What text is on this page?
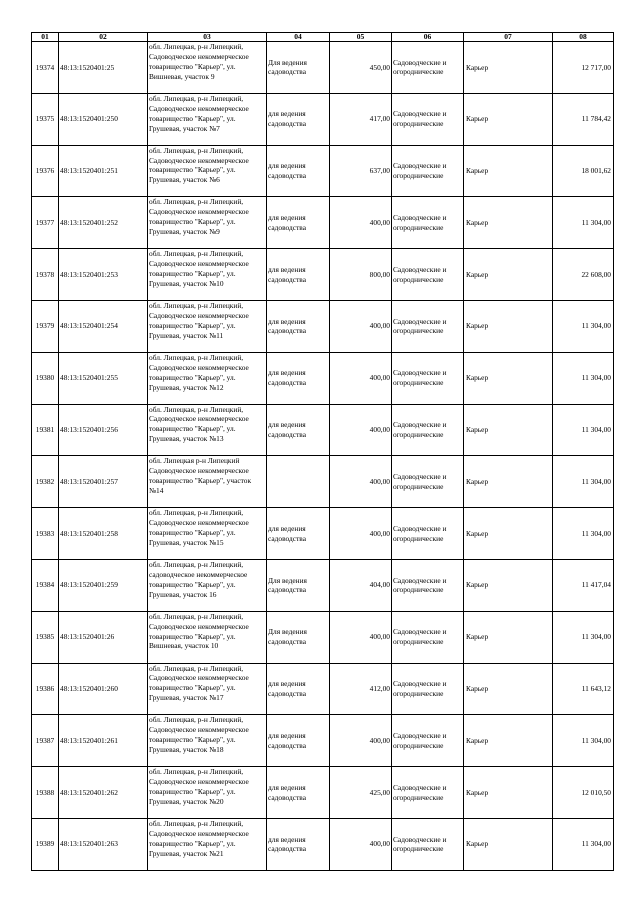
01	02	03	04	05	06	07	08
19374	48:13:1520401:25	обл. Липецкая, р-н Липецкий, Садоводческое некоммерческое товарищество "Карьер", ул. Вишневая, участок 9	Для ведения садоводства	450,00	Садоводческие и огороднические	Карьер	12 717,00
19375	48:13:1520401:250	обл. Липецкая, р-н Липецкий, Садоводческое некоммерческое товарищество "Карьер", ул. Грушевая, участок №7	для ведения садоводства	417,00	Садоводческие и огороднические	Карьер	11 784,42
19376	48:13:1520401:251	обл. Липецкая, р-н Липецкий, Садоводческое некоммерческое товарищество "Карьер", ул. Грушевая, участок №6	для ведения садоводства	637,00	Садоводческие и огороднические	Карьер	18 001,62
19377	48:13:1520401:252	обл. Липецкая, р-н Липецкий, Садоводческое некоммерческое товарищество "Карьер", ул. Грушевая, участок №9	для ведения садоводства	400,00	Садоводческие и огороднические	Карьер	11 304,00
19378	48:13:1520401:253	обл. Липецкая, р-н Липецкий, Садоводческое некоммерческое товарищество "Карьер", ул. Грушевая, участок №10	для ведения садоводства	800,00	Садоводческие и огороднические	Карьер	22 608,00
19379	48:13:1520401:254	обл. Липецкая, р-н Липецкий, Садоводческое некоммерческое товарищество "Карьер", ул. Грушевая, участок №11	для ведения садоводства	400,00	Садоводческие и огороднические	Карьер	11 304,00
19380	48:13:1520401:255	обл. Липецкая, р-н Липецкий, Садоводческое некоммерческое товарищество "Карьер", ул. Грушевая, участок №12	для ведения садоводства	400,00	Садоводческие и огороднические	Карьер	11 304,00
19381	48:13:1520401:256	обл. Липецкая, р-н Липецкий, Садоводческое некоммерческое товарищество "Карьер", ул. Грушевая, участок №13	для ведения садоводства	400,00	Садоводческие и огороднические	Карьер	11 304,00
19382	48:13:1520401:257	обл. Липецкая р-н Липецкий Садоводческое некоммерческое товарищество "Карьер", участок №14		400,00	Садоводческие и огороднические	Карьер	11 304,00
19383	48:13:1520401:258	обл. Липецкая, р-н Липецкий, Садоводческое некоммерческое товарищество "Карьер", ул. Грушевая, участок №15	для ведения садоводства	400,00	Садоводческие и огороднические	Карьер	11 304,00
19384	48:13:1520401:259	обл. Липецкая, р-н Липецкий, садоводческое некоммерческое товарищество "Карьер", ул. Грушевая, участок 16	Для ведения садоводства	404,00	Садоводческие и огороднические	Карьер	11 417,04
19385	48:13:1520401:26	обл. Липецкая, р-н Липецкий, Садоводческое некоммерческое товарищество "Карьер", ул. Вишневая, участок 10	Для ведения садоводства	400,00	Садоводческие и огороднические	Карьер	11 304,00
19386	48:13:1520401:260	обл. Липецкая, р-н Липецкий, Садоводческое некоммерческое товарищество "Карьер", ул. Грушевая, участок №17	для ведения садоводства	412,00	Садоводческие и огороднические	Карьер	11 643,12
19387	48:13:1520401:261	обл. Липецкая, р-н Липецкий, Садоводческое некоммерческое товарищество "Карьер", ул. Грушевая, участок №18	для ведения садоводства	400,00	Садоводческие и огороднические	Карьер	11 304,00
19388	48:13:1520401:262	обл. Липецкая, р-н Липецкий, Садоводческое некоммерческое товарищество "Карьер", ул. Грушевая, участок №20	для ведения садоводства	425,00	Садоводческие и огороднические	Карьер	12 010,50
19389	48:13:1520401:263	обл. Липецкая, р-н Липецкий, Садоводческое некоммерческое товарищество "Карьер", ул. Грушевая, участок №21	для ведения садоводства	400,00	Садоводческие и огороднические	Карьер	11 304,00
